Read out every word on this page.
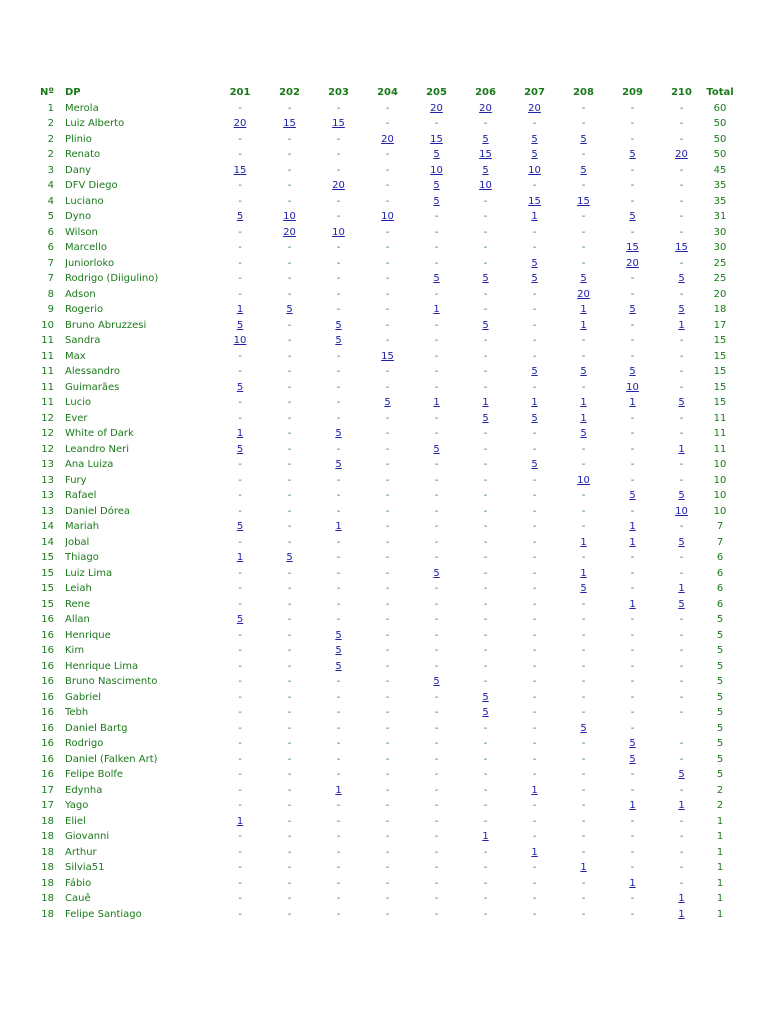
Nº	DP	201	202	203	204	205	206	207	208	209	210	Total
1	Merola	-	-	-	-	20	20	20	-	-	-	60
2	Luiz Alberto	20	15	15	-	-	-	-	-	-	-	50
2	Plinio	-	-	-	20	15	5	5	5	-	-	50
2	Renato	-	-	-	-	5	15	5	-	5	20	50
3	Dany	15	-	-	-	10	5	10	5	-	-	45
4	DFV Diego	-	-	20	-	5	10	-	-	-	-	35
4	Luciano	-	-	-	-	5	-	15	15	-	-	35
5	Dyno	5	10	-	10	-	-	1	-	5	-	31
6	Wilson	-	20	10	-	-	-	-	-	-	-	30
6	Marcello	-	-	-	-	-	-	-	-	15	15	30
7	Juniorloko	-	-	-	-	-	-	5	-	20	-	25
7	Rodrigo (Diigulino)	-	-	-	-	5	5	5	5	-	5	25
8	Adson	-	-	-	-	-	-	-	20	-	-	20
9	Rogerio	1	5	-	-	1	-	-	1	5	5	18
10	Bruno Abruzzesi	5	-	5	-	-	5	-	1	-	1	17
11	Sandra	10	-	5	-	-	-	-	-	-	-	15
11	Max	-	-	-	15	-	-	-	-	-	-	15
11	Alessandro	-	-	-	-	-	-	5	5	5	-	15
11	Guimarães	5	-	-	-	-	-	-	-	10	-	15
11	Lucio	-	-	-	5	1	1	1	1	1	5	15
12	Ever	-	-	-	-	-	5	5	1	-	-	11
12	White of Dark	1	-	5	-	-	-	-	5	-	-	11
12	Leandro Neri	5	-	-	-	5	-	-	-	-	1	11
13	Ana Luiza	-	-	5	-	-	-	5	-	-	-	10
13	Fury	-	-	-	-	-	-	-	10	-	-	10
13	Rafael	-	-	-	-	-	-	-	-	5	5	10
13	Daniel Dórea	-	-	-	-	-	-	-	-	-	10	10
14	Mariah	5	-	1	-	-	-	-	-	1	-	7
14	Jobal	-	-	-	-	-	-	-	1	1	5	7
15	Thiago	1	5	-	-	-	-	-	-	-	-	6
15	Luiz Lima	-	-	-	-	5	-	-	1	-	-	6
15	Leiah	-	-	-	-	-	-	-	5	-	1	6
15	Rene	-	-	-	-	-	-	-	-	1	5	6
16	Allan	5	-	-	-	-	-	-	-	-	-	5
16	Henrique	-	-	5	-	-	-	-	-	-	-	5
16	Kim	-	-	5	-	-	-	-	-	-	-	5
16	Henrique Lima	-	-	5	-	-	-	-	-	-	-	5
16	Bruno Nascimento	-	-	-	-	5	-	-	-	-	-	5
16	Gabriel	-	-	-	-	-	5	-	-	-	-	5
16	Tebh	-	-	-	-	-	5	-	-	-	-	5
16	Daniel Bartg	-	-	-	-	-	-	-	5	-		5
16	Rodrigo	-	-	-	-	-	-	-	-	5	-	5
16	Daniel (Falken Art)	-	-	-	-	-	-	-	-	5	-	5
16	Felipe Bolfe	-	-	-	-	-	-	-	-	-	5	5
17	Edynha	-	-	1	-	-	-	1	-	-	-	2
17	Yago	-	-	-	-	-	-	-	-	1	1	2
18	Eliel	1	-	-	-	-	-	-	-	-	-	1
18	Giovanni	-	-	-	-	-	1	-	-	-	-	1
18	Arthur	-	-	-	-	-	-	1	-	-	-	1
18	Silvia51	-	-	-	-	-	-	-	1	-	-	1
18	Fábio	-	-	-	-	-	-	-	-	1	-	1
18	Cauê	-	-	-	-	-	-	-	-	-	1	1
18	Felipe Santiago	-	-	-	-	-	-	-	-	-	1	1
